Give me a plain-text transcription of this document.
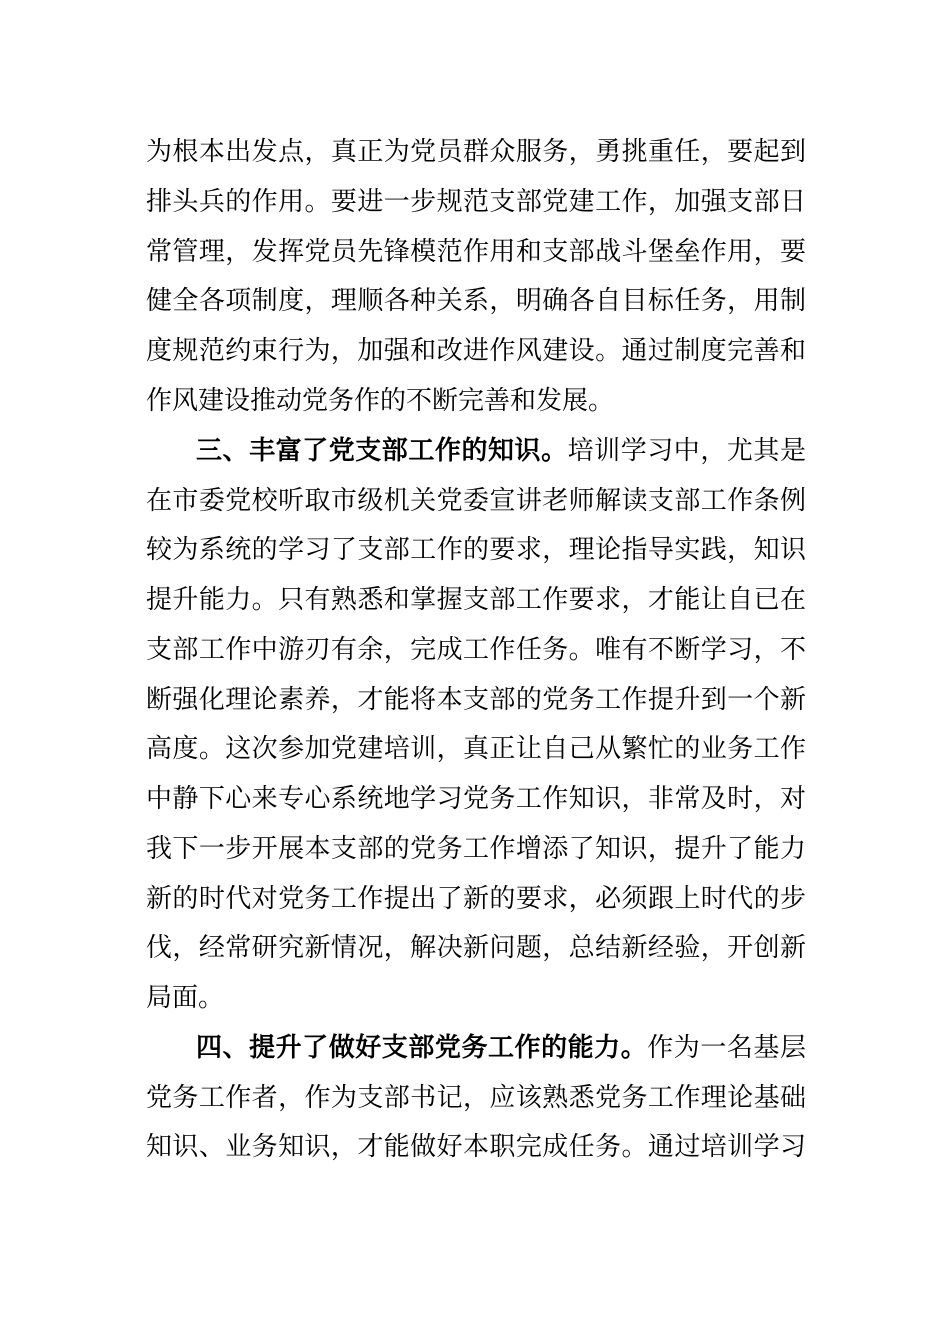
为根本出发点，真正为党员群众服务，勇挑重任，要起到
排头兵的作用。要进一步规范支部党建工作，加强支部日
常管理，发挥党员先锋模范作用和支部战斗堡垒作用，要
健全各项制度，理顺各种关系，明确各自目标任务，用制
度规范约束行为，加强和改进作风建设。通过制度完善和
作风建设推动党务作的不断完善和发展。
三、丰富了党支部工作的知识。培训学习中，尤其是
在市委党校听取市级机关党委宣讲老师解读支部工作条例
较为系统的学习了支部工作的要求，理论指导实践，知识
提升能力。只有熟悉和掌握支部工作要求，才能让自已在
支部工作中游刃有余，完成工作任务。唯有不断学习，不
断强化理论素养，才能将本支部的党务工作提升到一个新
高度。这次参加党建培训，真正让自己从繁忙的业务工作
中静下心来专心系统地学习党务工作知识，非常及时，对
我下一步开展本支部的党务工作增添了知识，提升了能力
新的时代对党务工作提出了新的要求，必须跟上时代的步
伐，经常研究新情况，解决新问题，总结新经验，开创新
局面。
四、提升了做好支部党务工作的能力。作为一名基层
党务工作者，作为支部书记，应该熟悉党务工作理论基础
知识、业务知识，才能做好本职完成任务。通过培训学习
